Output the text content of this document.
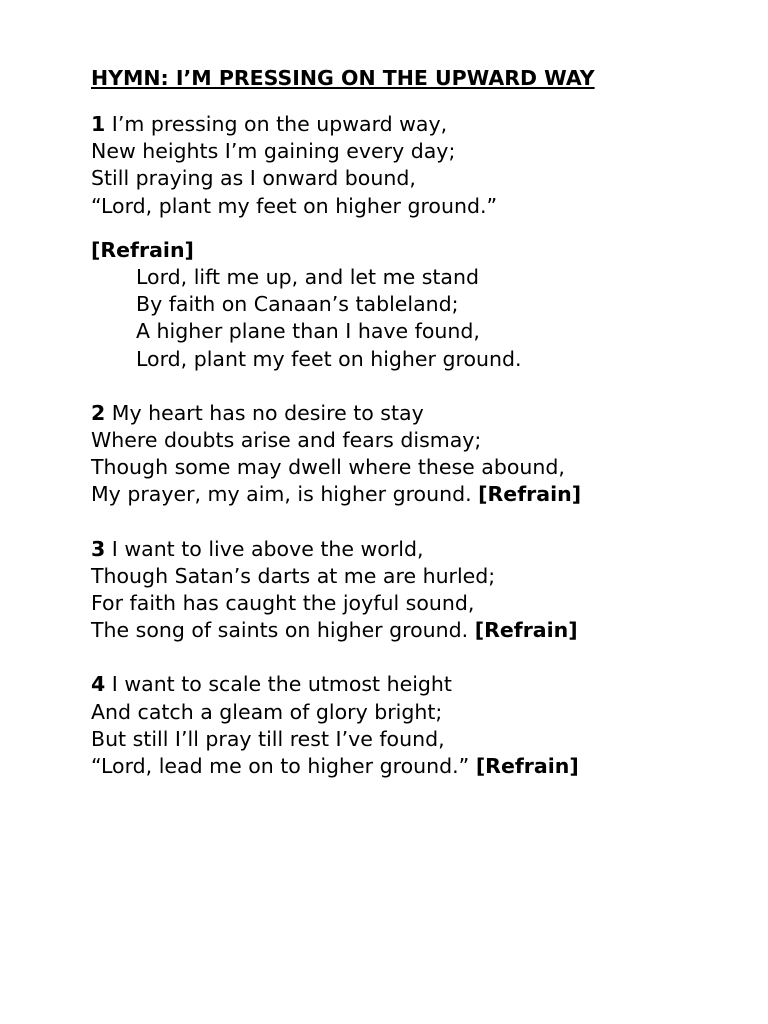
HYMN: I’M PRESSING ON THE UPWARD WAY
1 I’m pressing on the upward way,
New heights I’m gaining every day;
Still praying as I onward bound,
“Lord, plant my feet on higher ground.”
[Refrain]
Lord, lift me up, and let me stand
By faith on Canaan’s tableland;
A higher plane than I have found,
Lord, plant my feet on higher ground.
2 My heart has no desire to stay
Where doubts arise and fears dismay;
Though some may dwell where these abound,
My prayer, my aim, is higher ground. [Refrain]
3 I want to live above the world,
Though Satan’s darts at me are hurled;
For faith has caught the joyful sound,
The song of saints on higher ground. [Refrain]
4 I want to scale the utmost height
And catch a gleam of glory bright;
But still I’ll pray till rest I’ve found,
“Lord, lead me on to higher ground.” [Refrain]
